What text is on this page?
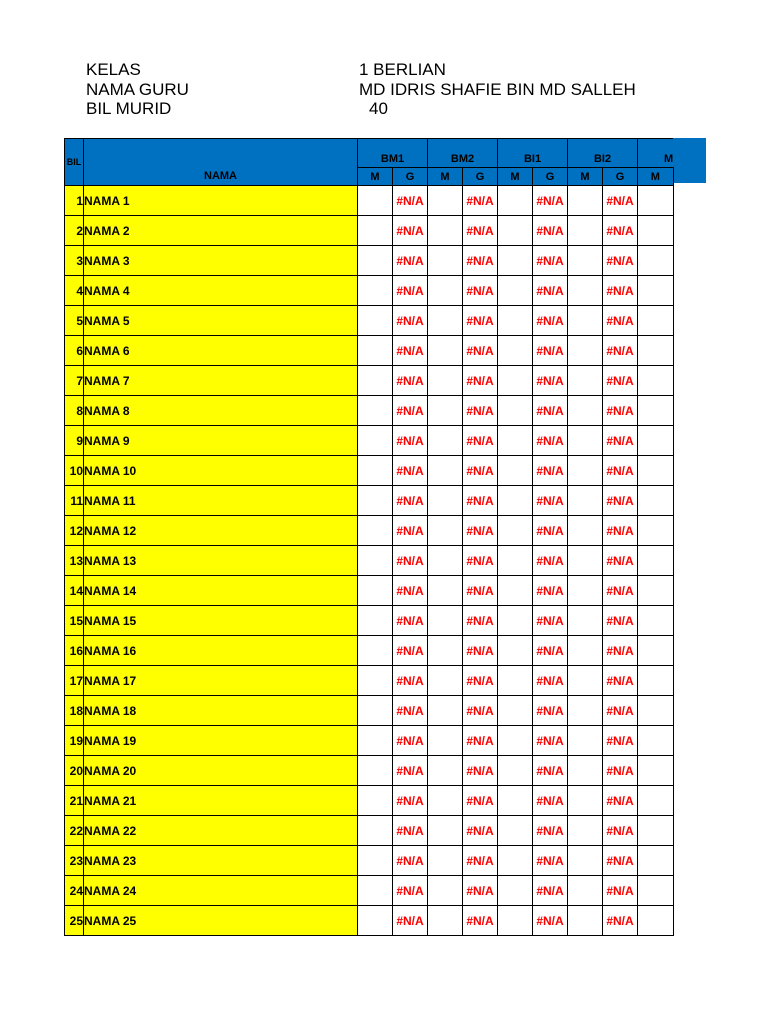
KELAS	1 BERLIAN
NAMA GURU	MD IDRIS SHAFIE BIN MD SALLEH
BIL MURID	40
BIL	NAMA	BM1		BM2		BI1		BI2		M
		M	G	M	G	M	G	M	G	M
1	NAMA 1		#N/A		#N/A		#N/A		#N/A	
2	NAMA 2		#N/A		#N/A		#N/A		#N/A	
3	NAMA 3		#N/A		#N/A		#N/A		#N/A	
4	NAMA 4		#N/A		#N/A		#N/A		#N/A	
5	NAMA 5		#N/A		#N/A		#N/A		#N/A	
6	NAMA 6		#N/A		#N/A		#N/A		#N/A	
7	NAMA 7		#N/A		#N/A		#N/A		#N/A	
8	NAMA 8		#N/A		#N/A		#N/A		#N/A	
9	NAMA 9		#N/A		#N/A		#N/A		#N/A	
10	NAMA 10		#N/A		#N/A		#N/A		#N/A	
11	NAMA 11		#N/A		#N/A		#N/A		#N/A	
12	NAMA 12		#N/A		#N/A		#N/A		#N/A	
13	NAMA 13		#N/A		#N/A		#N/A		#N/A	
14	NAMA 14		#N/A		#N/A		#N/A		#N/A	
15	NAMA 15		#N/A		#N/A		#N/A		#N/A	
16	NAMA 16		#N/A		#N/A		#N/A		#N/A	
17	NAMA 17		#N/A		#N/A		#N/A		#N/A	
18	NAMA 18		#N/A		#N/A		#N/A		#N/A	
19	NAMA 19		#N/A		#N/A		#N/A		#N/A	
20	NAMA 20		#N/A		#N/A		#N/A		#N/A	
21	NAMA 21		#N/A		#N/A		#N/A		#N/A	
22	NAMA 22		#N/A		#N/A		#N/A		#N/A	
23	NAMA 23		#N/A		#N/A		#N/A		#N/A	
24	NAMA 24		#N/A		#N/A		#N/A		#N/A	
25	NAMA 25		#N/A		#N/A		#N/A		#N/A	
